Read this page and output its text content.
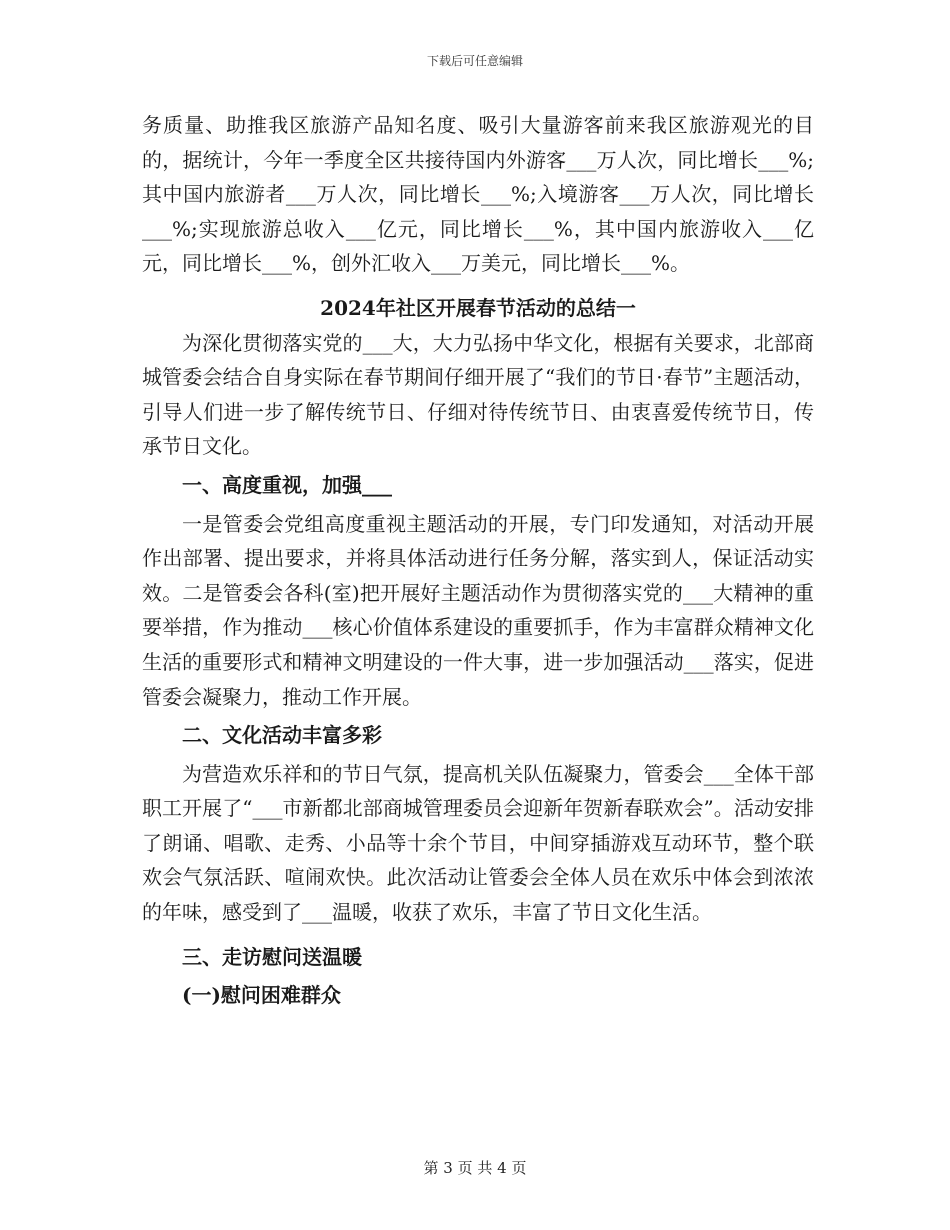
下载后可任意编辑

务质量、助推我区旅游产品知名度、吸引大量游客前来我区旅游观光的目的，据统计，今年一季度全区共接待国内外游客___万人次，同比增长___%;其中国内旅游者___万人次，同比增长___%;入境游客___万人次，同比增长___%;实现旅游总收入___亿元，同比增长___%，其中国内旅游收入___亿元，同比增长___%，创外汇收入___万美元，同比增长___%。

2024年社区开展春节活动的总结一

为深化贯彻落实党的___大，大力弘扬中华文化，根据有关要求，北部商城管委会结合自身实际在春节期间仔细开展了“我们的节日·春节”主题活动，引导人们进一步了解传统节日、仔细对待传统节日、由衷喜爱传统节日，传承节日文化。

一、高度重视，加强___

一是管委会党组高度重视主题活动的开展，专门印发通知，对活动开展作出部署、提出要求，并将具体活动进行任务分解，落实到人，保证活动实效。二是管委会各科(室)把开展好主题活动作为贯彻落实党的___大精神的重要举措，作为推动___核心价值体系建设的重要抓手，作为丰富群众精神文化生活的重要形式和精神文明建设的一件大事，进一步加强活动___落实，促进管委会凝聚力，推动工作开展。

二、文化活动丰富多彩

为营造欢乐祥和的节日气氛，提高机关队伍凝聚力，管委会___全体干部职工开展了“___市新都北部商城管理委员会迎新年贺新春联欢会”。活动安排了朗诵、唱歌、走秀、小品等十余个节目，中间穿插游戏互动环节，整个联欢会气氛活跃、喧闹欢快。此次活动让管委会全体人员在欢乐中体会到浓浓的年味，感受到了___温暖，收获了欢乐，丰富了节日文化生活。

三、走访慰问送温暖

(一)慰问困难群众

第 3 页 共 4 页
